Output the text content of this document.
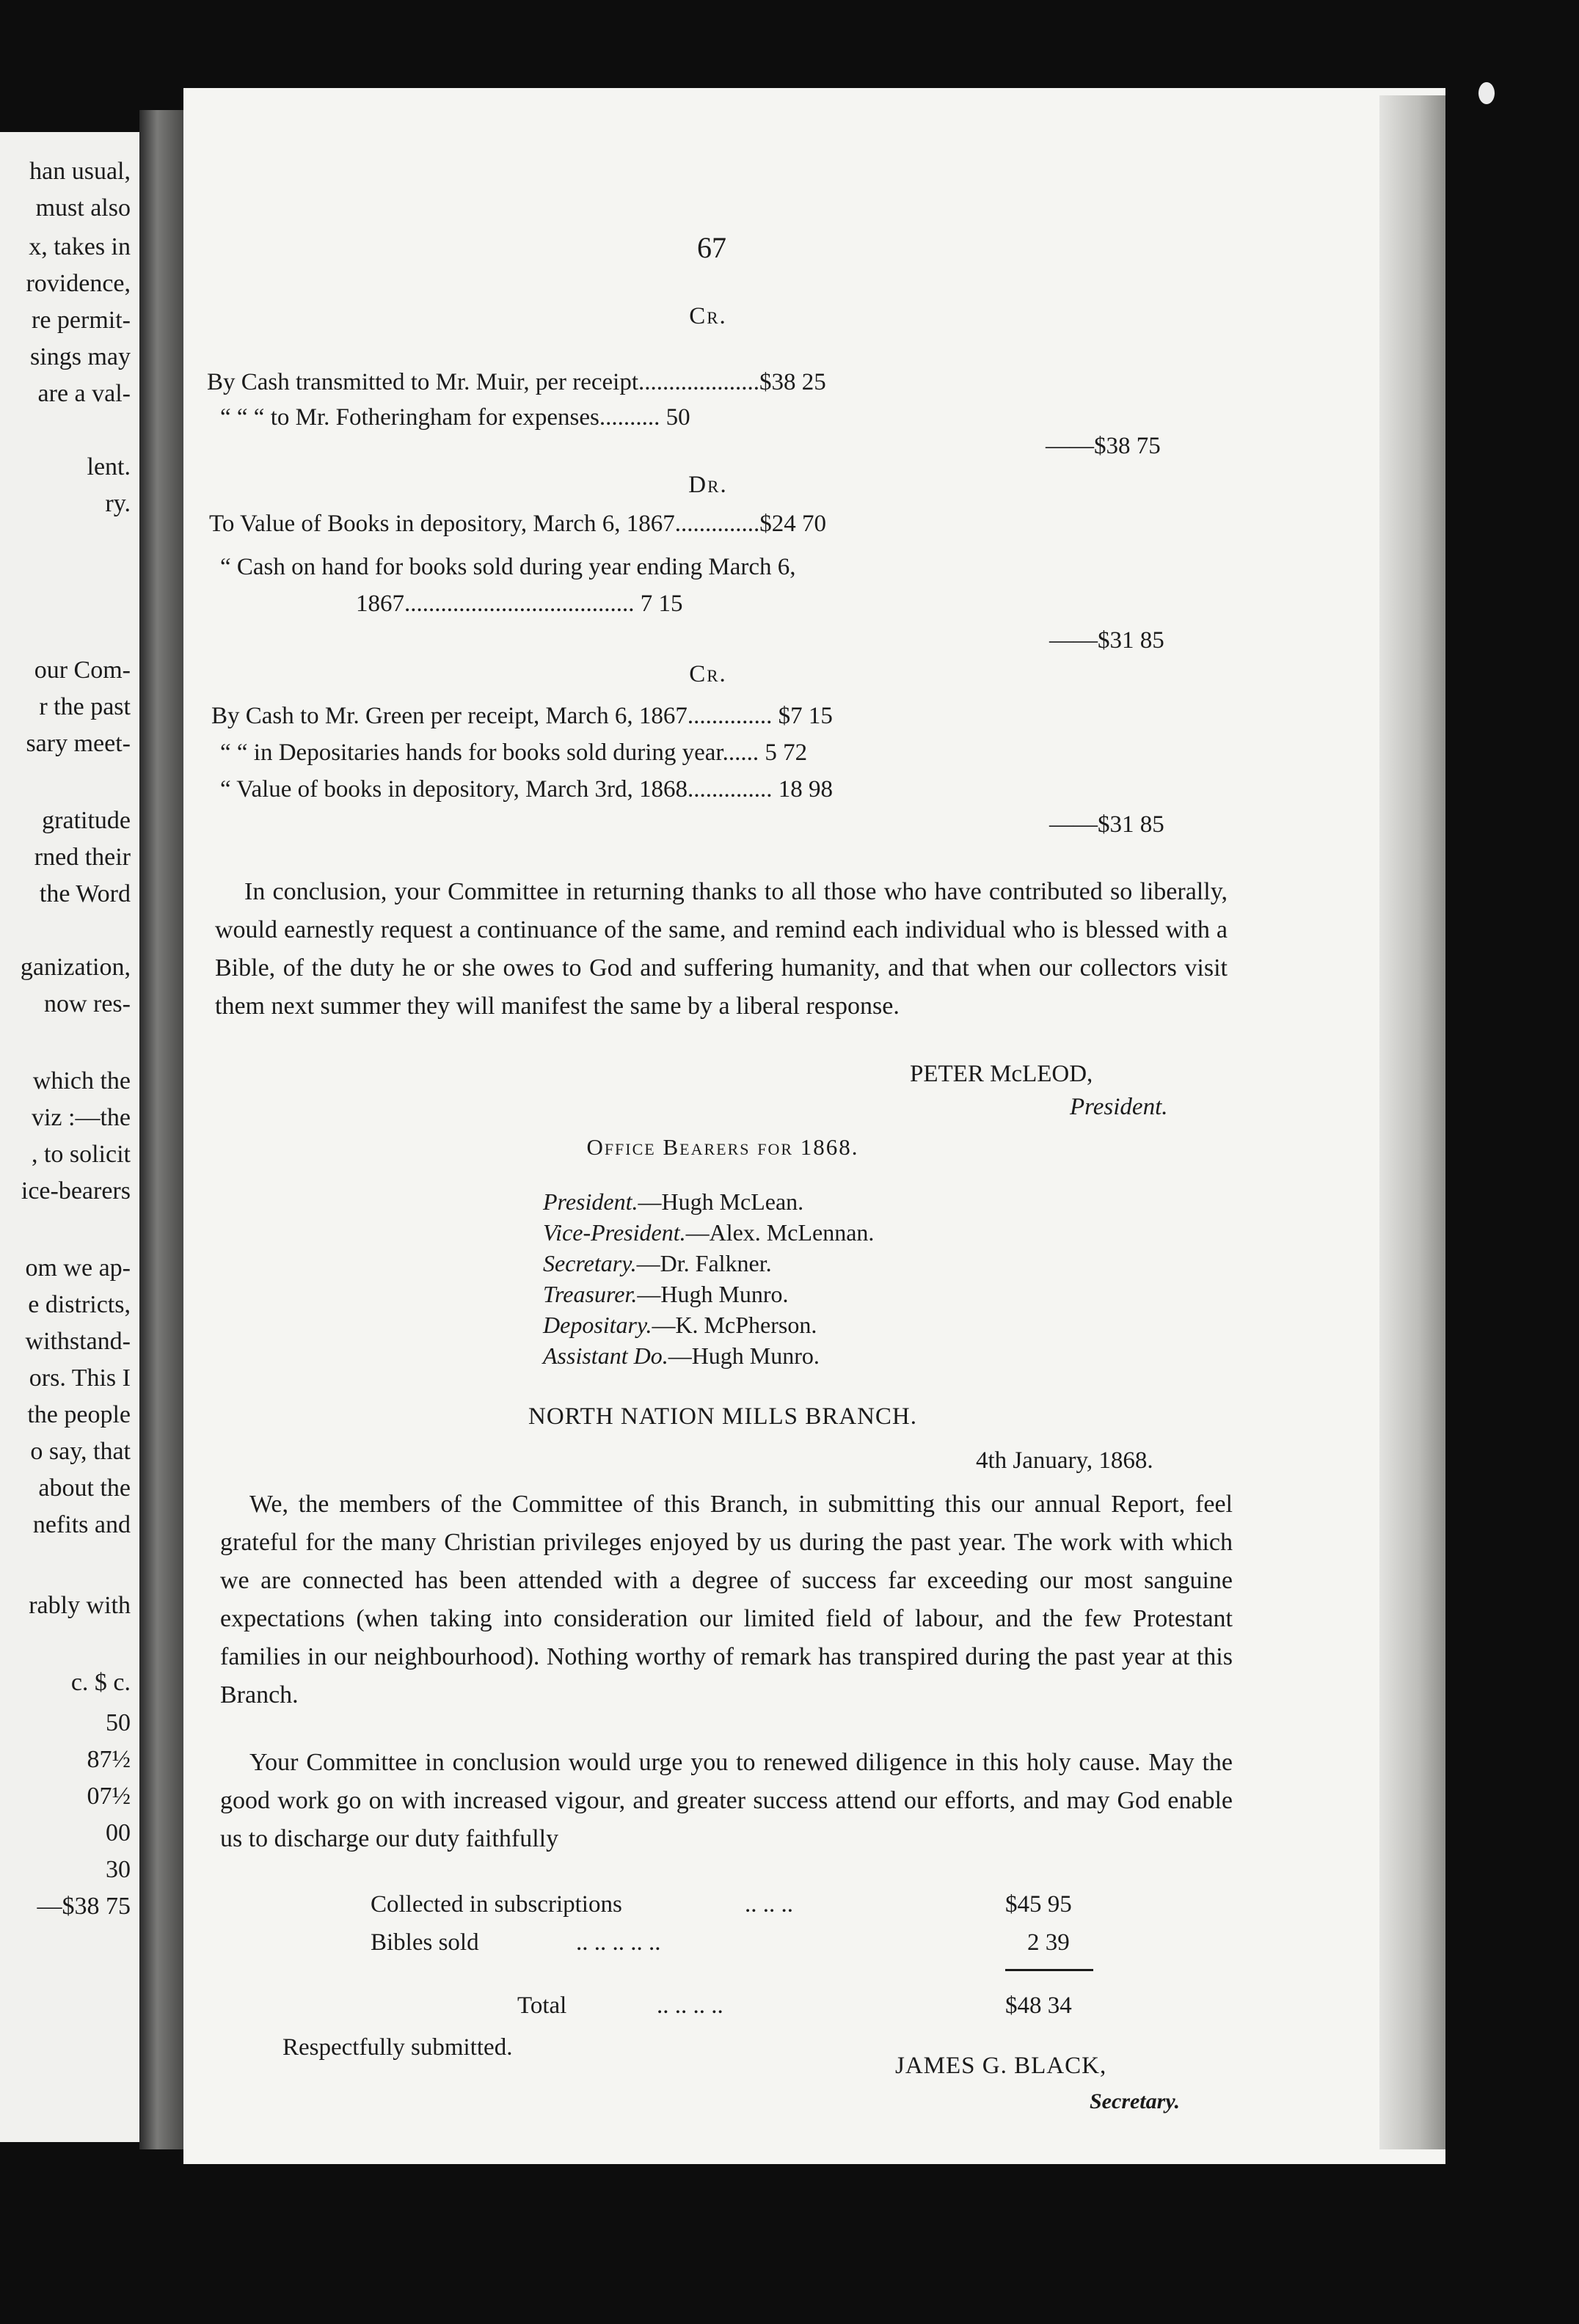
han usual,
must also
x, takes in
rovidence,
re permit-
sings may
are a val-
lent.
ry.
our Com-
r the past
sary meet-
gratitude
rned their
the Word
ganization,
now res-
which the
viz :—the
, to solicit
ice-bearers
om we ap-
e districts,
withstand-
ors. This I
the people
o say, that
about the
nefits and
rably with
c. $ c.
50
87½
07½
00
30
—$38 75
67
Cr.
By Cash transmitted to Mr. Muir, per receipt....................$38 25
“ “ “ to Mr. Fotheringham for expenses.......... 50
——$38 75
Dr.
To Value of Books in depository, March 6, 1867..............$24 70
“ Cash on hand for books sold during year ending March 6,
1867...................................... 7 15
——$31 85
Cr.
By Cash to Mr. Green per receipt, March 6, 1867.............. $7 15
“ “ in Depositaries hands for books sold during year...... 5 72
“ Value of books in depository, March 3rd, 1868.............. 18 98
——$31 85
In conclusion, your Committee in returning thanks to all those who have contributed so liberally, would earnestly request a continuance of the same, and remind each individual who is blessed with a Bible, of the duty he or she owes to God and suffering humanity, and that when our collectors visit them next summer they will manifest the same by a liberal response.
PETER McLEOD,
President.
Office Bearers for 1868.
President.—Hugh McLean.
Vice-President.—Alex. McLennan.
Secretary.—Dr. Falkner.
Treasurer.—Hugh Munro.
Depositary.—K. McPherson.
Assistant Do.—Hugh Munro.
NORTH NATION MILLS BRANCH.
4th January, 1868.
We, the members of the Committee of this Branch, in submitting this our annual Report, feel grateful for the many Christian privileges enjoyed by us during the past year. The work with which we are connected has been attended with a degree of success far exceeding our most sanguine expectations (when taking into consideration our limited field of labour, and the few Protestant families in our neighbourhood). Nothing worthy of remark has transpired during the past year at this Branch.
Your Committee in conclusion would urge you to renewed diligence in this holy cause. May the good work go on with increased vigour, and greater success attend our efforts, and may God enable us to discharge our duty faithfully
Collected in subscriptions	.. .. ..	$45 95
Bibles sold	.. .. .. .. ..	2 39
Total	.. .. .. ..	$48 34
Respectfully submitted.
JAMES G. BLACK,
Secretary.
